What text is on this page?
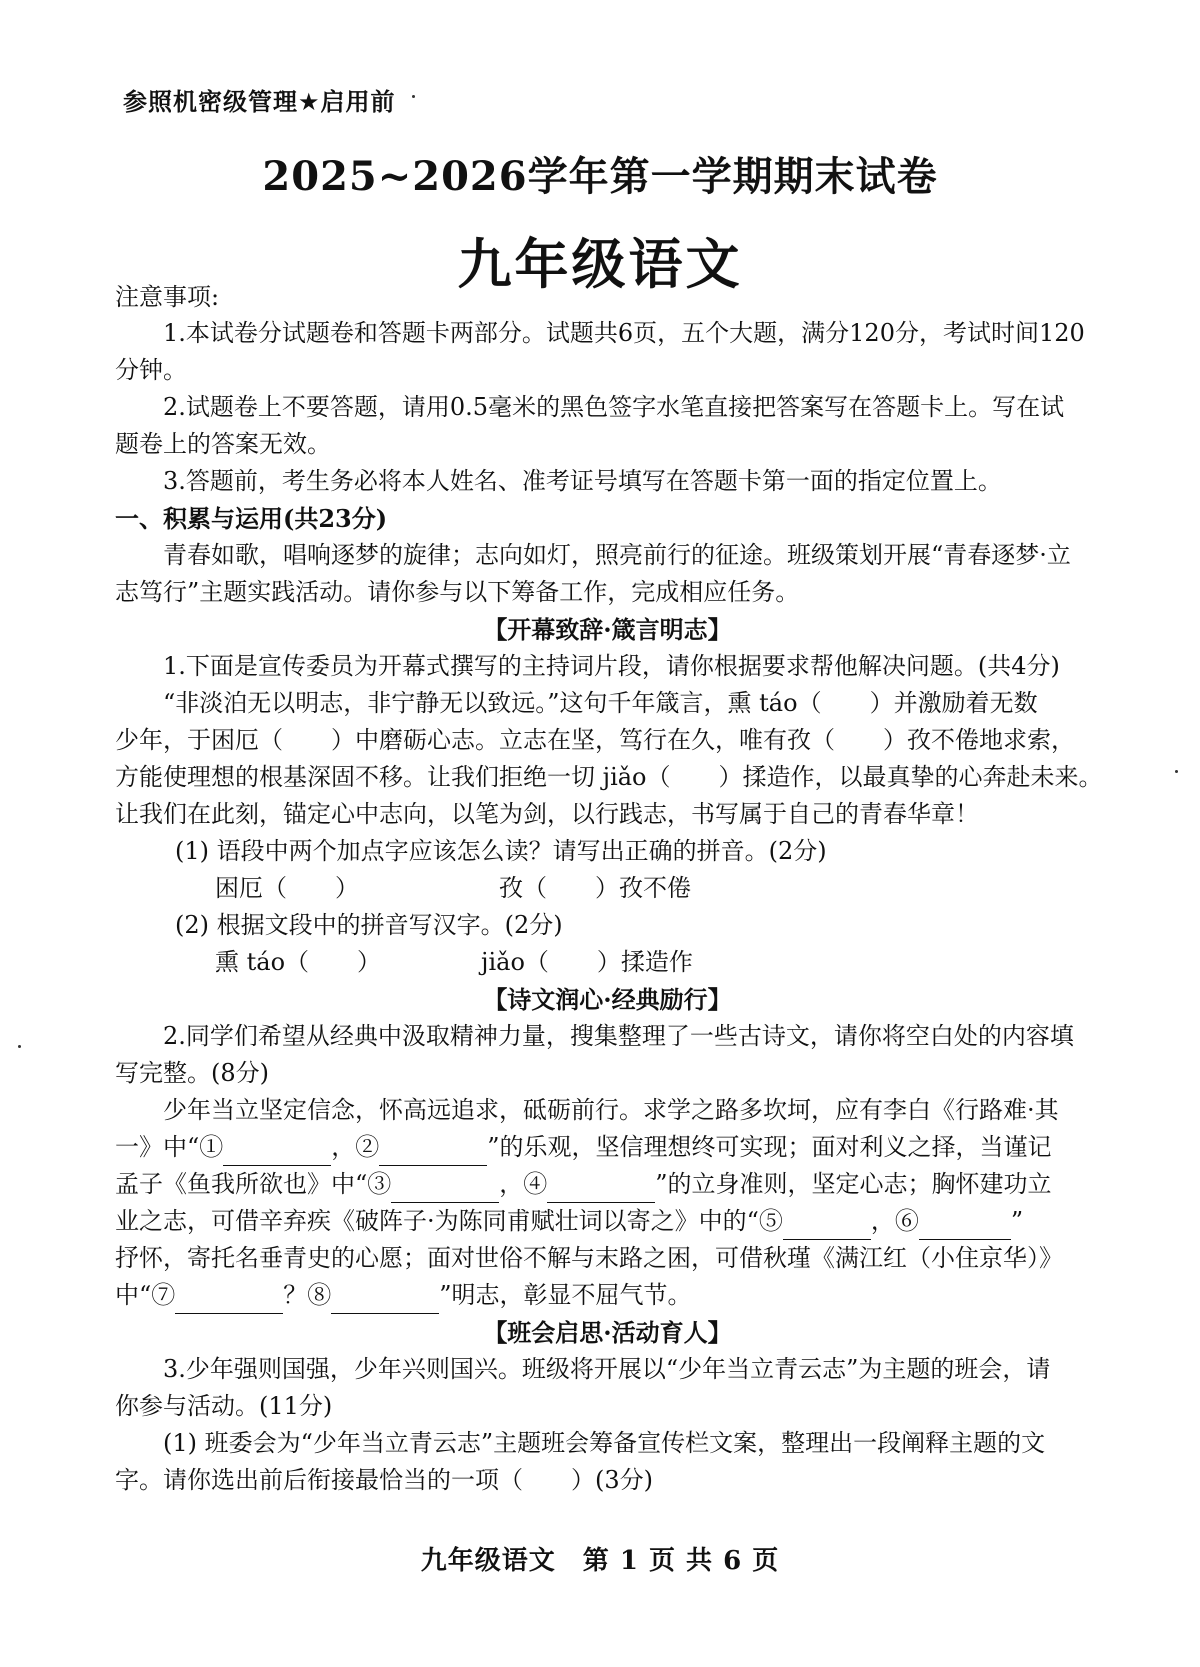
参照机密级管理★启用前
2025~2026学年第一学期期末试卷
九年级语文
注意事项:
1.本试卷分试题卷和答题卡两部分。试题共6页，五个大题，满分120分，考试时间120
分钟。
2.试题卷上不要答题，请用0.5毫米的黑色签字水笔直接把答案写在答题卡上。写在试
题卷上的答案无效。
3.答题前，考生务必将本人姓名、准考证号填写在答题卡第一面的指定位置上。
一、积累与运用(共23分)
青春如歌，唱响逐梦的旋律；志向如灯，照亮前行的征途。班级策划开展“青春逐梦·立
志笃行”主题实践活动。请你参与以下筹备工作，完成相应任务。
【开幕致辞·箴言明志】
1.下面是宣传委员为开幕式撰写的主持词片段，请你根据要求帮他解决问题。(共4分)
“非淡泊无以明志，非宁静无以致远。”这句千年箴言，熏 táo（　　）并激励着无数
少年，于困厄（　　）中磨砺心志。立志在坚，笃行在久，唯有孜（　　）孜不倦地求索，
方能使理想的根基深固不移。让我们拒绝一切 jiǎo（　　）揉造作，以最真挚的心奔赴未来。
让我们在此刻，锚定心中志向，以笔为剑，以行践志，书写属于自己的青春华章！
(1) 语段中两个加点字应该怎么读？请写出正确的拼音。(2分)
困厄（　　）	孜（　　）孜不倦
(2) 根据文段中的拼音写汉字。(2分)
熏 táo（　　）	jiǎo（　　）揉造作
【诗文润心·经典励行】
2.同学们希望从经典中汲取精神力量，搜集整理了一些古诗文，请你将空白处的内容填
写完整。(8分)
少年当立坚定信念，怀高远追求，砥砺前行。求学之路多坎坷，应有李白《行路难·其
一》中“①	，②	”的乐观，坚信理想终可实现；面对利义之择，当谨记
孟子《鱼我所欲也》中“③	，④	”的立身准则，坚定心志；胸怀建功立
业之志，可借辛弃疾《破阵子·为陈同甫赋壮词以寄之》中的“⑤	，⑥	”
抒怀，寄托名垂青史的心愿；面对世俗不解与末路之困，可借秋瑾《满江红（小住京华）》
中“⑦	？⑧	”明志，彰显不屈气节。
【班会启思·活动育人】
3.少年强则国强，少年兴则国兴。班级将开展以“少年当立青云志”为主题的班会，请
你参与活动。(11分)
(1) 班委会为“少年当立青云志”主题班会筹备宣传栏文案，整理出一段阐释主题的文
字。请你选出前后衔接最恰当的一项（　　）(3分)
九年级语文　第 1 页 共 6 页
